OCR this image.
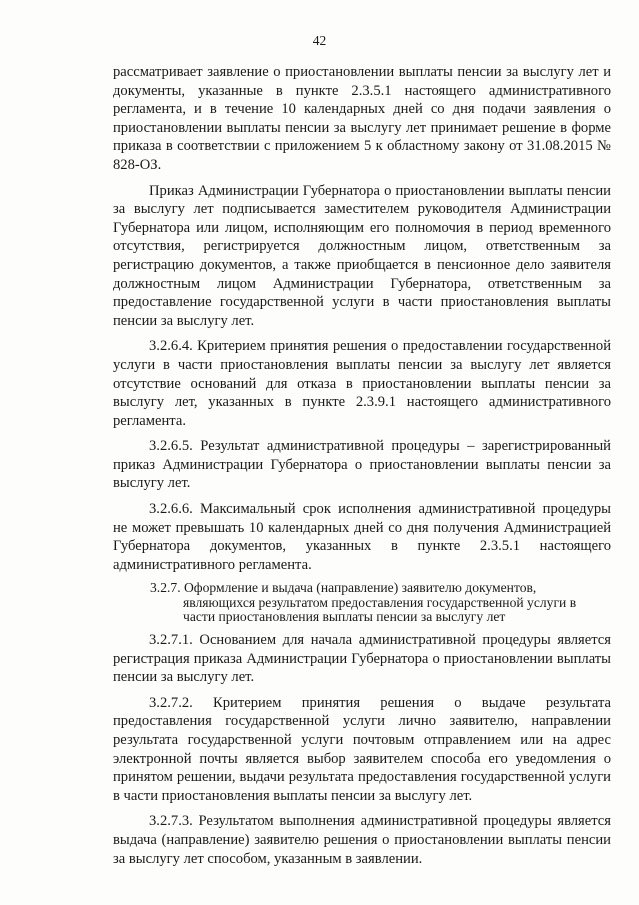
42

рассматривает заявление о приостановлении выплаты пенсии за выслугу лет и документы, указанные в пункте 2.3.5.1 настоящего административного регламента, и в течение 10 календарных дней со дня подачи заявления о приостановлении выплаты пенсии за выслугу лет принимает решение в форме приказа в соответствии с приложением 5 к областному закону от 31.08.2015 № 828-ОЗ.

Приказ Администрации Губернатора о приостановлении выплаты пенсии за выслугу лет подписывается заместителем руководителя Администрации Губернатора или лицом, исполняющим его полномочия в период временного отсутствия, регистрируется должностным лицом, ответственным за регистрацию документов, а также приобщается в пенсионное дело заявителя должностным лицом Администрации Губернатора, ответственным за предоставление государственной услуги в части приостановления выплаты пенсии за выслугу лет.

3.2.6.4. Критерием принятия решения о предоставлении государственной услуги в части приостановления выплаты пенсии за выслугу лет является отсутствие оснований для отказа в приостановлении выплаты пенсии за выслугу лет, указанных в пункте 2.3.9.1 настоящего административного регламента.

3.2.6.5. Результат административной процедуры – зарегистрированный приказ Администрации Губернатора о приостановлении выплаты пенсии за выслугу лет.

3.2.6.6. Максимальный срок исполнения административной процедуры не может превышать 10 календарных дней со дня получения Администрацией Губернатора документов, указанных в пункте 2.3.5.1 настоящего административного регламента.

3.2.7. Оформление и выдача (направление) заявителю документов,
являющихся результатом предоставления государственной услуги в
части приостановления выплаты пенсии за выслугу лет

3.2.7.1. Основанием для начала административной процедуры является регистрация приказа Администрации Губернатора о приостановлении выплаты пенсии за выслугу лет.

3.2.7.2. Критерием принятия решения о выдаче результата предоставления государственной услуги лично заявителю, направлении результата государственной услуги почтовым отправлением или на адрес электронной почты является выбор заявителем способа его уведомления о принятом решении, выдачи результата предоставления государственной услуги в части приостановления выплаты пенсии за выслугу лет.

3.2.7.3. Результатом выполнения административной процедуры является выдача (направление) заявителю решения о приостановлении выплаты пенсии за выслугу лет способом, указанным в заявлении.
